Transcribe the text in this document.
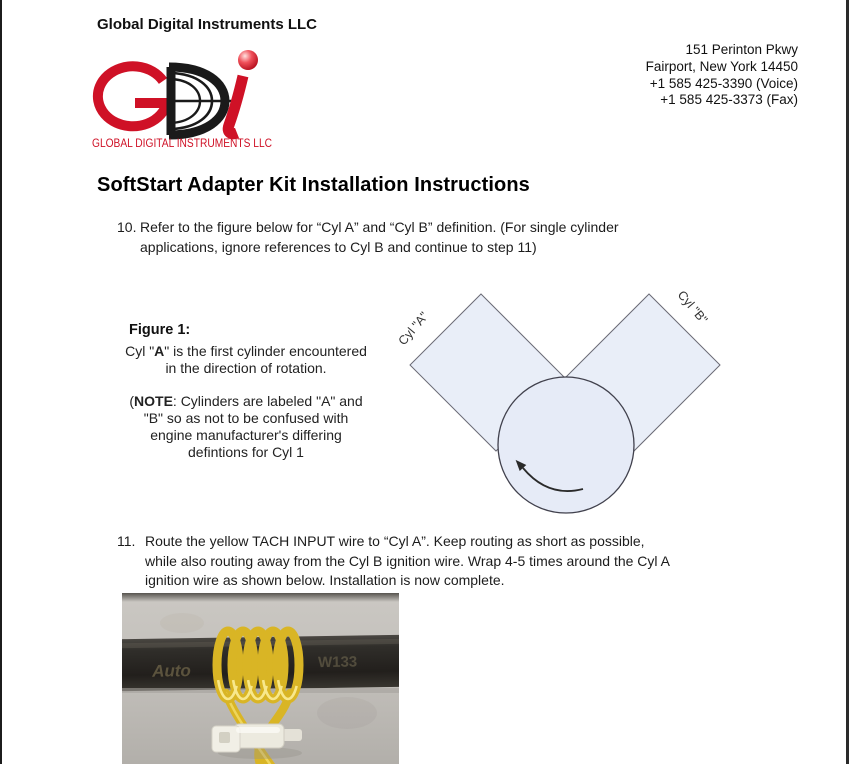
Global Digital Instruments LLC
GLOBAL DIGITAL INSTRUMENTS LLC
151 Perinton Pkwy
Fairport, New York 14450
+1 585 425-3390 (Voice)
+1 585 425-3373 (Fax)
SoftStart Adapter Kit Installation Instructions
10. Refer to the figure below for “Cyl A” and “Cyl B” definition. (For single cylinder
applications, ignore references to Cyl B and continue to step 11)
Figure 1:
Cyl "A" is the first cylinder encountered
in the direction of rotation.
(NOTE: Cylinders are labeled "A" and
"B" so as not to be confused with
engine manufacturer's differing
defintions for Cyl 1
Cyl "A"
Cyl "B"
11. Route the yellow TACH INPUT wire to “Cyl A”. Keep routing as short as possible,
while also routing away from the Cyl B ignition wire. Wrap 4-5 times around the Cyl A
ignition wire as shown below. Installation is now complete.
Auto	W133
